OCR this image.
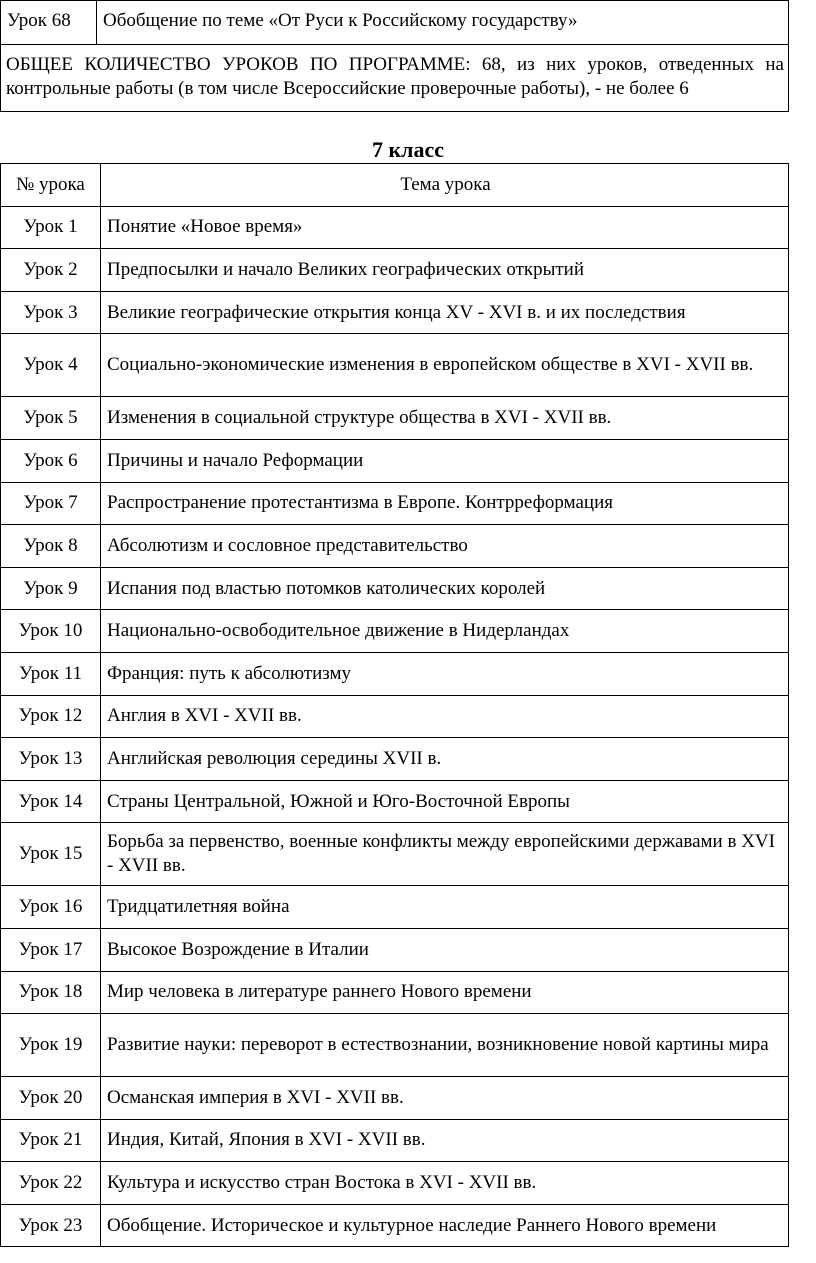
Урок 68	Обобщение по теме «От Руси к Российскому государству»
ОБЩЕЕ КОЛИЧЕСТВО УРОКОВ ПО ПРОГРАММЕ: 68, из них уроков, отведенных на контрольные работы (в том числе Всероссийские проверочные работы), - не более 6
7 класс
№ урока	Тема урока
Урок 1	Понятие «Новое время»
Урок 2	Предпосылки и начало Великих географических открытий
Урок 3	Великие географические открытия конца XV - XVI в. и их последствия
Урок 4	Социально-экономические изменения в европейском обществе в XVI - XVII вв.
Урок 5	Изменения в социальной структуре общества в XVI - XVII вв.
Урок 6	Причины и начало Реформации
Урок 7	Распространение протестантизма в Европе. Контрреформация
Урок 8	Абсолютизм и сословное представительство
Урок 9	Испания под властью потомков католических королей
Урок 10	Национально-освободительное движение в Нидерландах
Урок 11	Франция: путь к абсолютизму
Урок 12	Англия в XVI - XVII вв.
Урок 13	Английская революция середины XVII в.
Урок 14	Страны Центральной, Южной и Юго-Восточной Европы
Урок 15	Борьба за первенство, военные конфликты между европейскими державами в XVI - XVII вв.
Урок 16	Тридцатилетняя война
Урок 17	Высокое Возрождение в Италии
Урок 18	Мир человека в литературе раннего Нового времени
Урок 19	Развитие науки: переворот в естествознании, возникновение новой картины мира
Урок 20	Османская империя в XVI - XVII вв.
Урок 21	Индия, Китай, Япония в XVI - XVII вв.
Урок 22	Культура и искусство стран Востока в XVI - XVII вв.
Урок 23	Обобщение. Историческое и культурное наследие Раннего Нового времени
